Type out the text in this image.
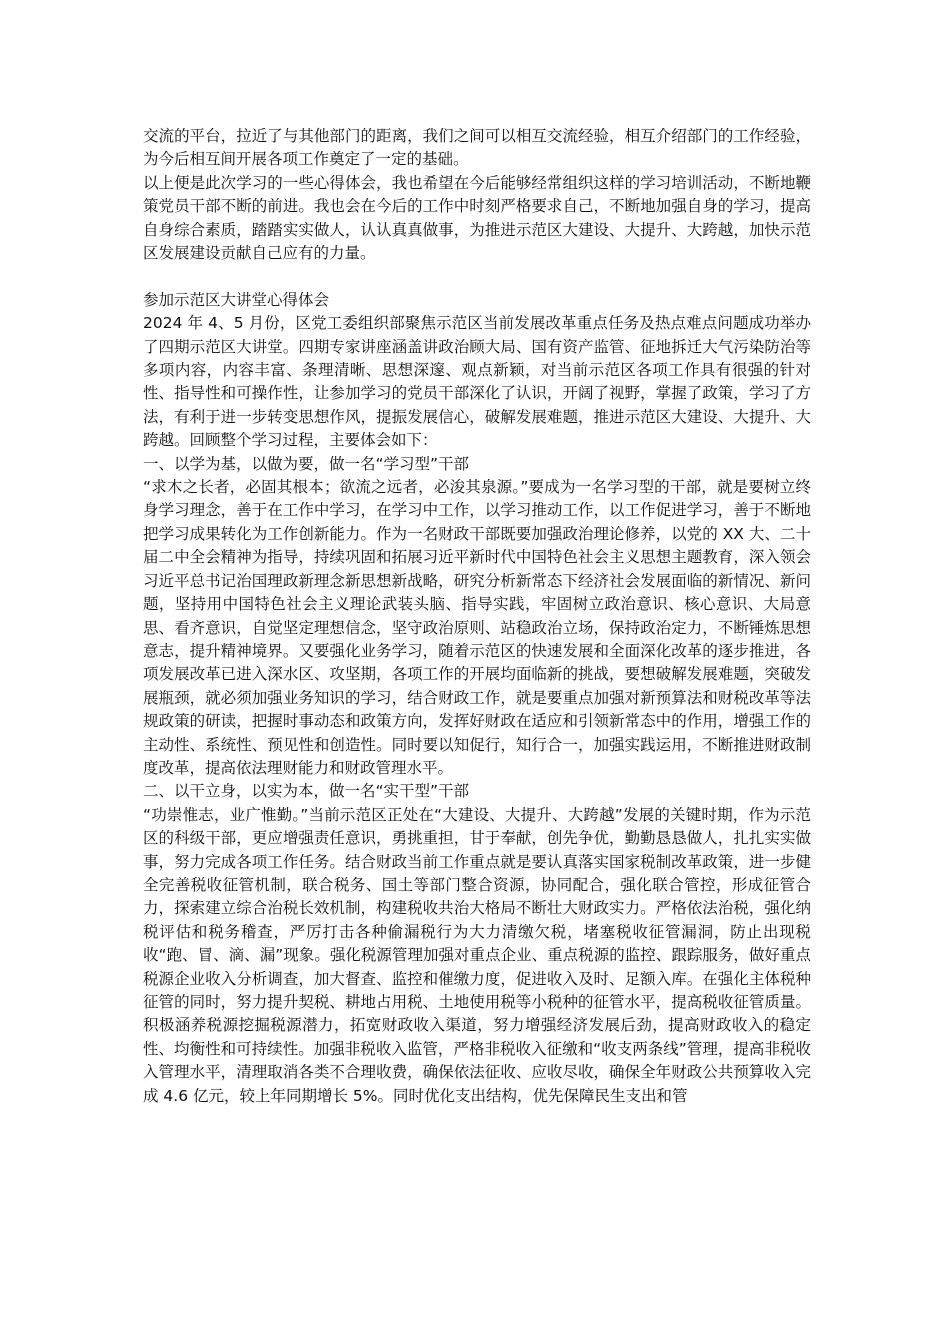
交流的平台，拉近了与其他部门的距离，我们之间可以相互交流经验，相互介绍部门的工作经验，为今后相互间开展各项工作奠定了一定的基础。

以上便是此次学习的一些心得体会，我也希望在今后能够经常组织这样的学习培训活动，不断地鞭策党员干部不断的前进。我也会在今后的工作中时刻严格要求自己，不断地加强自身的学习，提高自身综合素质，踏踏实实做人，认认真真做事，为推进示范区大建设、大提升、大跨越，加快示范区发展建设贡献自己应有的力量。

参加示范区大讲堂心得体会

2024 年 4、5 月份，区党工委组织部聚焦示范区当前发展改革重点任务及热点难点问题成功举办了四期示范区大讲堂。四期专家讲座涵盖讲政治顾大局、国有资产监管、征地拆迁大气污染防治等多项内容，内容丰富、条理清晰、思想深邃、观点新颖，对当前示范区各项工作具有很强的针对性、指导性和可操作性，让参加学习的党员干部深化了认识，开阔了视野，掌握了政策，学习了方法，有利于进一步转变思想作风，提振发展信心，破解发展难题，推进示范区大建设、大提升、大跨越。回顾整个学习过程，主要体会如下：

一、以学为基，以做为要，做一名“学习型”干部

“求木之长者，必固其根本；欲流之远者，必浚其泉源。”要成为一名学习型的干部，就是要树立终身学习理念，善于在工作中学习，在学习中工作，以学习推动工作，以工作促进学习，善于不断地把学习成果转化为工作创新能力。作为一名财政干部既要加强政治理论修养，以党的 XX 大、二十届二中全会精神为指导，持续巩固和拓展习近平新时代中国特色社会主义思想主题教育，深入领会习近平总书记治国理政新理念新思想新战略，研究分析新常态下经济社会发展面临的新情况、新问题，坚持用中国特色社会主义理论武装头脑、指导实践，牢固树立政治意识、核心意识、大局意思、看齐意识，自觉坚定理想信念，坚守政治原则、站稳政治立场，保持政治定力，不断锤炼思想意志，提升精神境界。又要强化业务学习，随着示范区的快速发展和全面深化改革的逐步推进，各项发展改革已进入深水区、攻坚期，各项工作的开展均面临新的挑战，要想破解发展难题，突破发展瓶颈，就必须加强业务知识的学习，结合财政工作，就是要重点加强对新预算法和财税改革等法规政策的研读，把握时事动态和政策方向，发挥好财政在适应和引领新常态中的作用，增强工作的主动性、系统性、预见性和创造性。同时要以知促行，知行合一，加强实践运用，不断推进财政制度改革，提高依法理财能力和财政管理水平。

二、以干立身，以实为本，做一名“实干型”干部

“功崇惟志，业广惟勤。”当前示范区正处在“大建设、大提升、大跨越”发展的关键时期，作为示范区的科级干部，更应增强责任意识，勇挑重担，甘于奉献，创先争优，勤勤恳恳做人，扎扎实实做事，努力完成各项工作任务。结合财政当前工作重点就是要认真落实国家税制改革政策，进一步健全完善税收征管机制，联合税务、国土等部门整合资源，协同配合，强化联合管控，形成征管合力，探索建立综合治税长效机制，构建税收共治大格局不断壮大财政实力。严格依法治税，强化纳税评估和税务稽查，严厉打击各种偷漏税行为大力清缴欠税，堵塞税收征管漏洞，防止出现税收“跑、冒、滴、漏”现象。强化税源管理加强对重点企业、重点税源的监控、跟踪服务，做好重点税源企业收入分析调查，加大督查、监控和催缴力度，促进收入及时、足额入库。在强化主体税种征管的同时，努力提升契税、耕地占用税、土地使用税等小税种的征管水平，提高税收征管质量。积极涵养税源挖掘税源潜力，拓宽财政收入渠道，努力增强经济发展后劲，提高财政收入的稳定性、均衡性和可持续性。加强非税收入监管，严格非税收入征缴和“收支两条线”管理，提高非税收入管理水平，清理取消各类不合理收费，确保依法征收、应收尽收，确保全年财政公共预算收入完成 4.6 亿元，较上年同期增长 5%。同时优化支出结构，优先保障民生支出和管
